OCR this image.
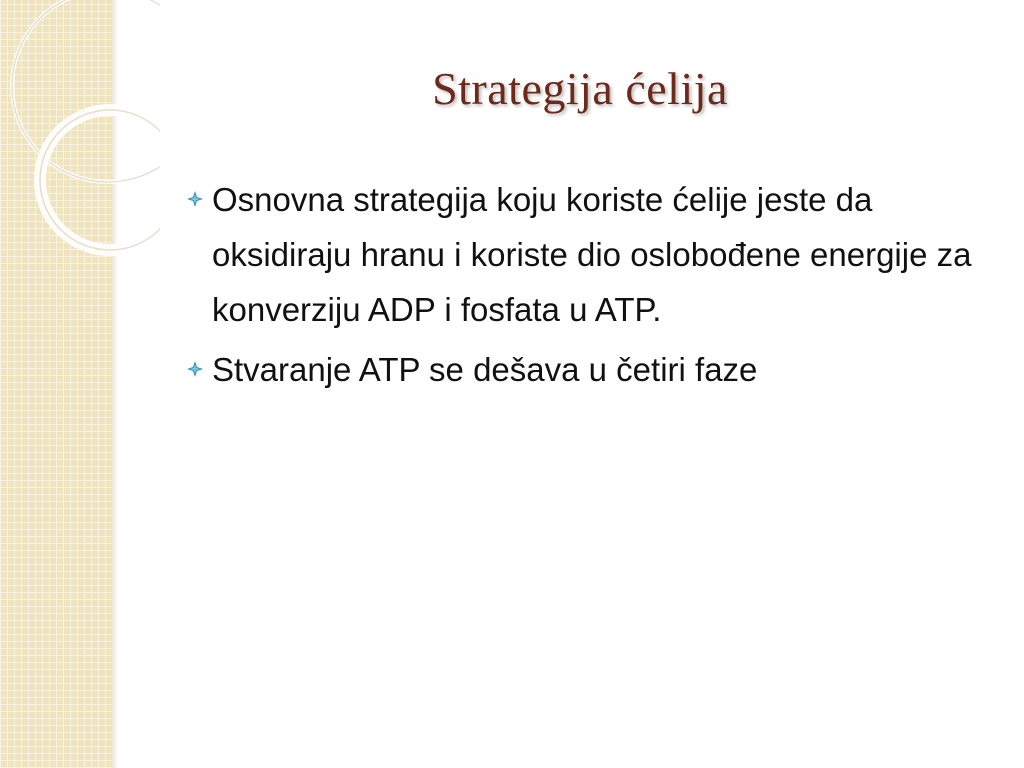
Strategija ćelija
Osnovna strategija koju koriste ćelije jeste da oksidiraju hranu i koriste dio oslobođene energije za konverziju ADP i fosfata u ATP.
Stvaranje ATP se dešava u četiri faze
